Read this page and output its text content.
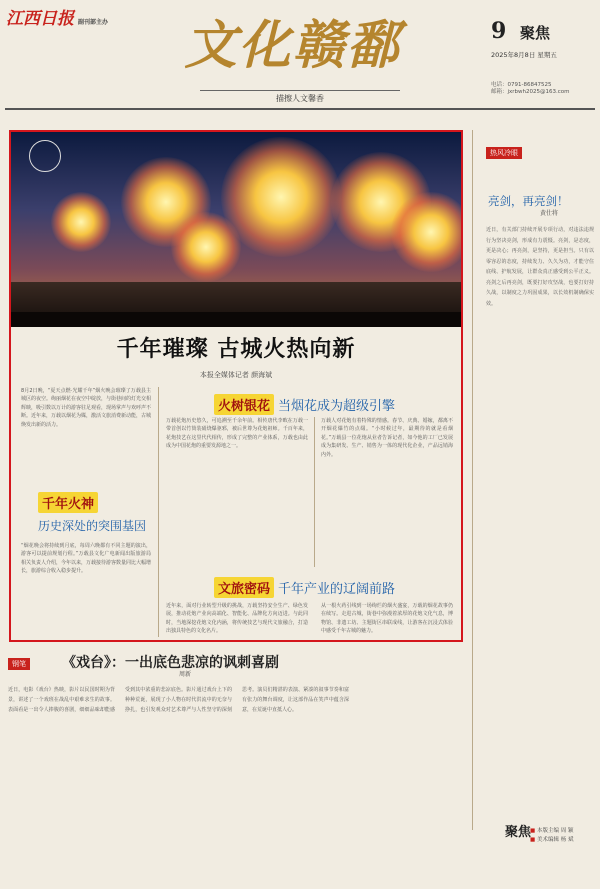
江西日报 副刊部主办	文化赣鄱
描擦人文馨香
9 聚焦
2025年8月8日 星期五
电话：0791-86847525
邮箱：jxrbwh2025@163.com
千年璀璨 古城火热向新
本报全媒体记者 颜海斌
火树银花 当烟花成为超级引擎
千年火神
历史深处的突围基因
文旅密码 千年产业的辽阔前路
8月2日晚，“夏天点燃·光耀千年”烟火晚会璀璨了万载县主城区的夜空。绚丽烟花在夜空中绽放，与街巷间的灯光交相辉映，吸引数以万计的游客驻足观看，现场掌声与欢呼声不断。近年来，万载以烟花为媒，激活文旅消费新动能，古城焕发出新的活力。
“烟花晚会将持续到月底，每周六晚都有不同主题的演出，游客可以提前规划行程。”万载县文化广电新闻出版旅游局相关负责人介绍，今年以来，万载接待游客数量同比大幅增长，旅游综合收入稳步提升。
万载花炮历史悠久，可追溯至千余年前。相传唐代李畋在万载一带首创以竹筒装硝烧爆驱邪，被后世尊为花炮祖师。千百年来，花炮技艺在这里代代相传，形成了完整的产业体系，万载也由此成为中国花炮的重要发源地之一。
万载人对花炮有着特殊的情感。春节、庆典、婚嫁，都离不开烟花爆竹的点缀。“小时候过年，最期待的就是看烟花。”万载县一位花炮从业者告诉记者，如今他的工厂已发展成为集研发、生产、销售为一体的现代化企业，产品远销海内外。
近年来，面对行业转型升级的挑战，万载坚持安全生产、绿色发展，推动花炮产业向高端化、智能化、品牌化方向迈进。与此同时，当地深挖花炮文化内涵，将传统技艺与现代文旅融合，打造出独具特色的文化名片。
从一根火药引线到一场绚烂的烟火盛宴，万载的烟花故事仍在续写。走进古城，街巷中弥漫着浓厚的花炮文化气息，博物馆、非遗工坊、主题街区串联成线，让游客在沉浸式体验中感受千年古城的魅力。
热风冷眼
亮剑，再亮剑！
黄仕将
近日，有关部门持续开展专项行动，对违法违规行为坚决亮剑，形成有力震慑。亮剑，是态度，更是决心；再亮剑，是坚持，更是担当。只有以零容忍的态度，持续发力、久久为功，才能守住底线、护航发展，让群众真正感受到公平正义。亮剑之后再亮剑，既要打好攻坚战，也要打好持久战，以制度之力巩固成果，以长效机制确保实效。
钢笔	《戏台》：一出底色悲凉的讽刺喜剧
周新
近日，电影《戏台》热映，影片以民国时期为背景，讲述了一个戏班在战乱中艰难求生的故事。表面看是一出令人捧腹的喜剧，细细品味却能感受到其中浓重的悲凉底色。影片通过戏台上下的种种荒诞，展现了小人物在时代洪流中的无奈与挣扎，也引发观众对艺术尊严与人性坚守的深刻思考。演员们精湛的表演、紧凑的叙事节奏和富有张力的舞台调度，让这部作品在笑声中蕴含深意，在荒诞中直抵人心。
聚焦
■ 本版主编 周 颖
■ 美术编辑 杨 斌
